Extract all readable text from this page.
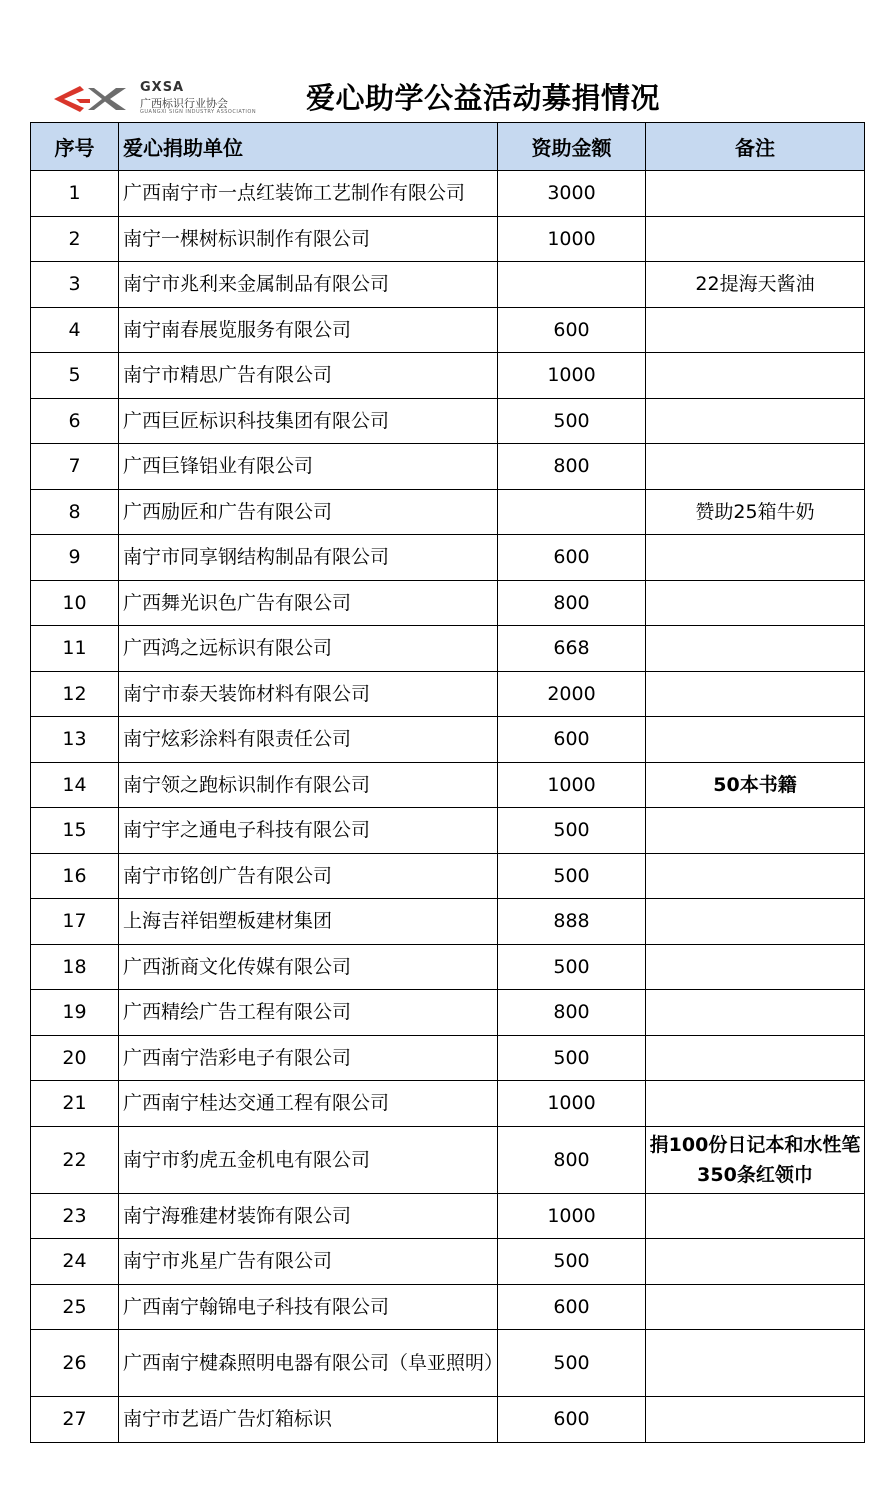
GXSA
广西标识行业协会
GUANGXI SIGN INDUSTRY ASSOCIATION 爱心助学公益活动募捐情况
序号	爱心捐助单位	资助金额	备注
1	广西南宁市一点红装饰工艺制作有限公司	3000	
2	南宁一棵树标识制作有限公司	1000	
3	南宁市兆利来金属制品有限公司		22提海天酱油
4	南宁南春展览服务有限公司	600	
5	南宁市精思广告有限公司	1000	
6	广西巨匠标识科技集团有限公司	500	
7	广西巨锋铝业有限公司	800	
8	广西励匠和广告有限公司		赞助25箱牛奶
9	南宁市同享钢结构制品有限公司	600	
10	广西舞光识色广告有限公司	800	
11	广西鸿之远标识有限公司	668	
12	南宁市泰天装饰材料有限公司	2000	
13	南宁炫彩涂料有限责任公司	600	
14	南宁领之跑标识制作有限公司	1000	50本书籍
15	南宁宇之通电子科技有限公司	500	
16	南宁市铭创广告有限公司	500	
17	上海吉祥铝塑板建材集团	888	
18	广西浙商文化传媒有限公司	500	
19	广西精绘广告工程有限公司	800	
20	广西南宁浩彩电子有限公司	500	
21	广西南宁桂达交通工程有限公司	1000	
22	南宁市豹虎五金机电有限公司	800	捐100份日记本和水性笔350条红领巾
23	南宁海雅建材装饰有限公司	1000	
24	南宁市兆星广告有限公司	500	
25	广西南宁翰锦电子科技有限公司	600	
26	广西南宁楗森照明电器有限公司（阜亚照明）	500	
27	南宁市艺语广告灯箱标识	600	
